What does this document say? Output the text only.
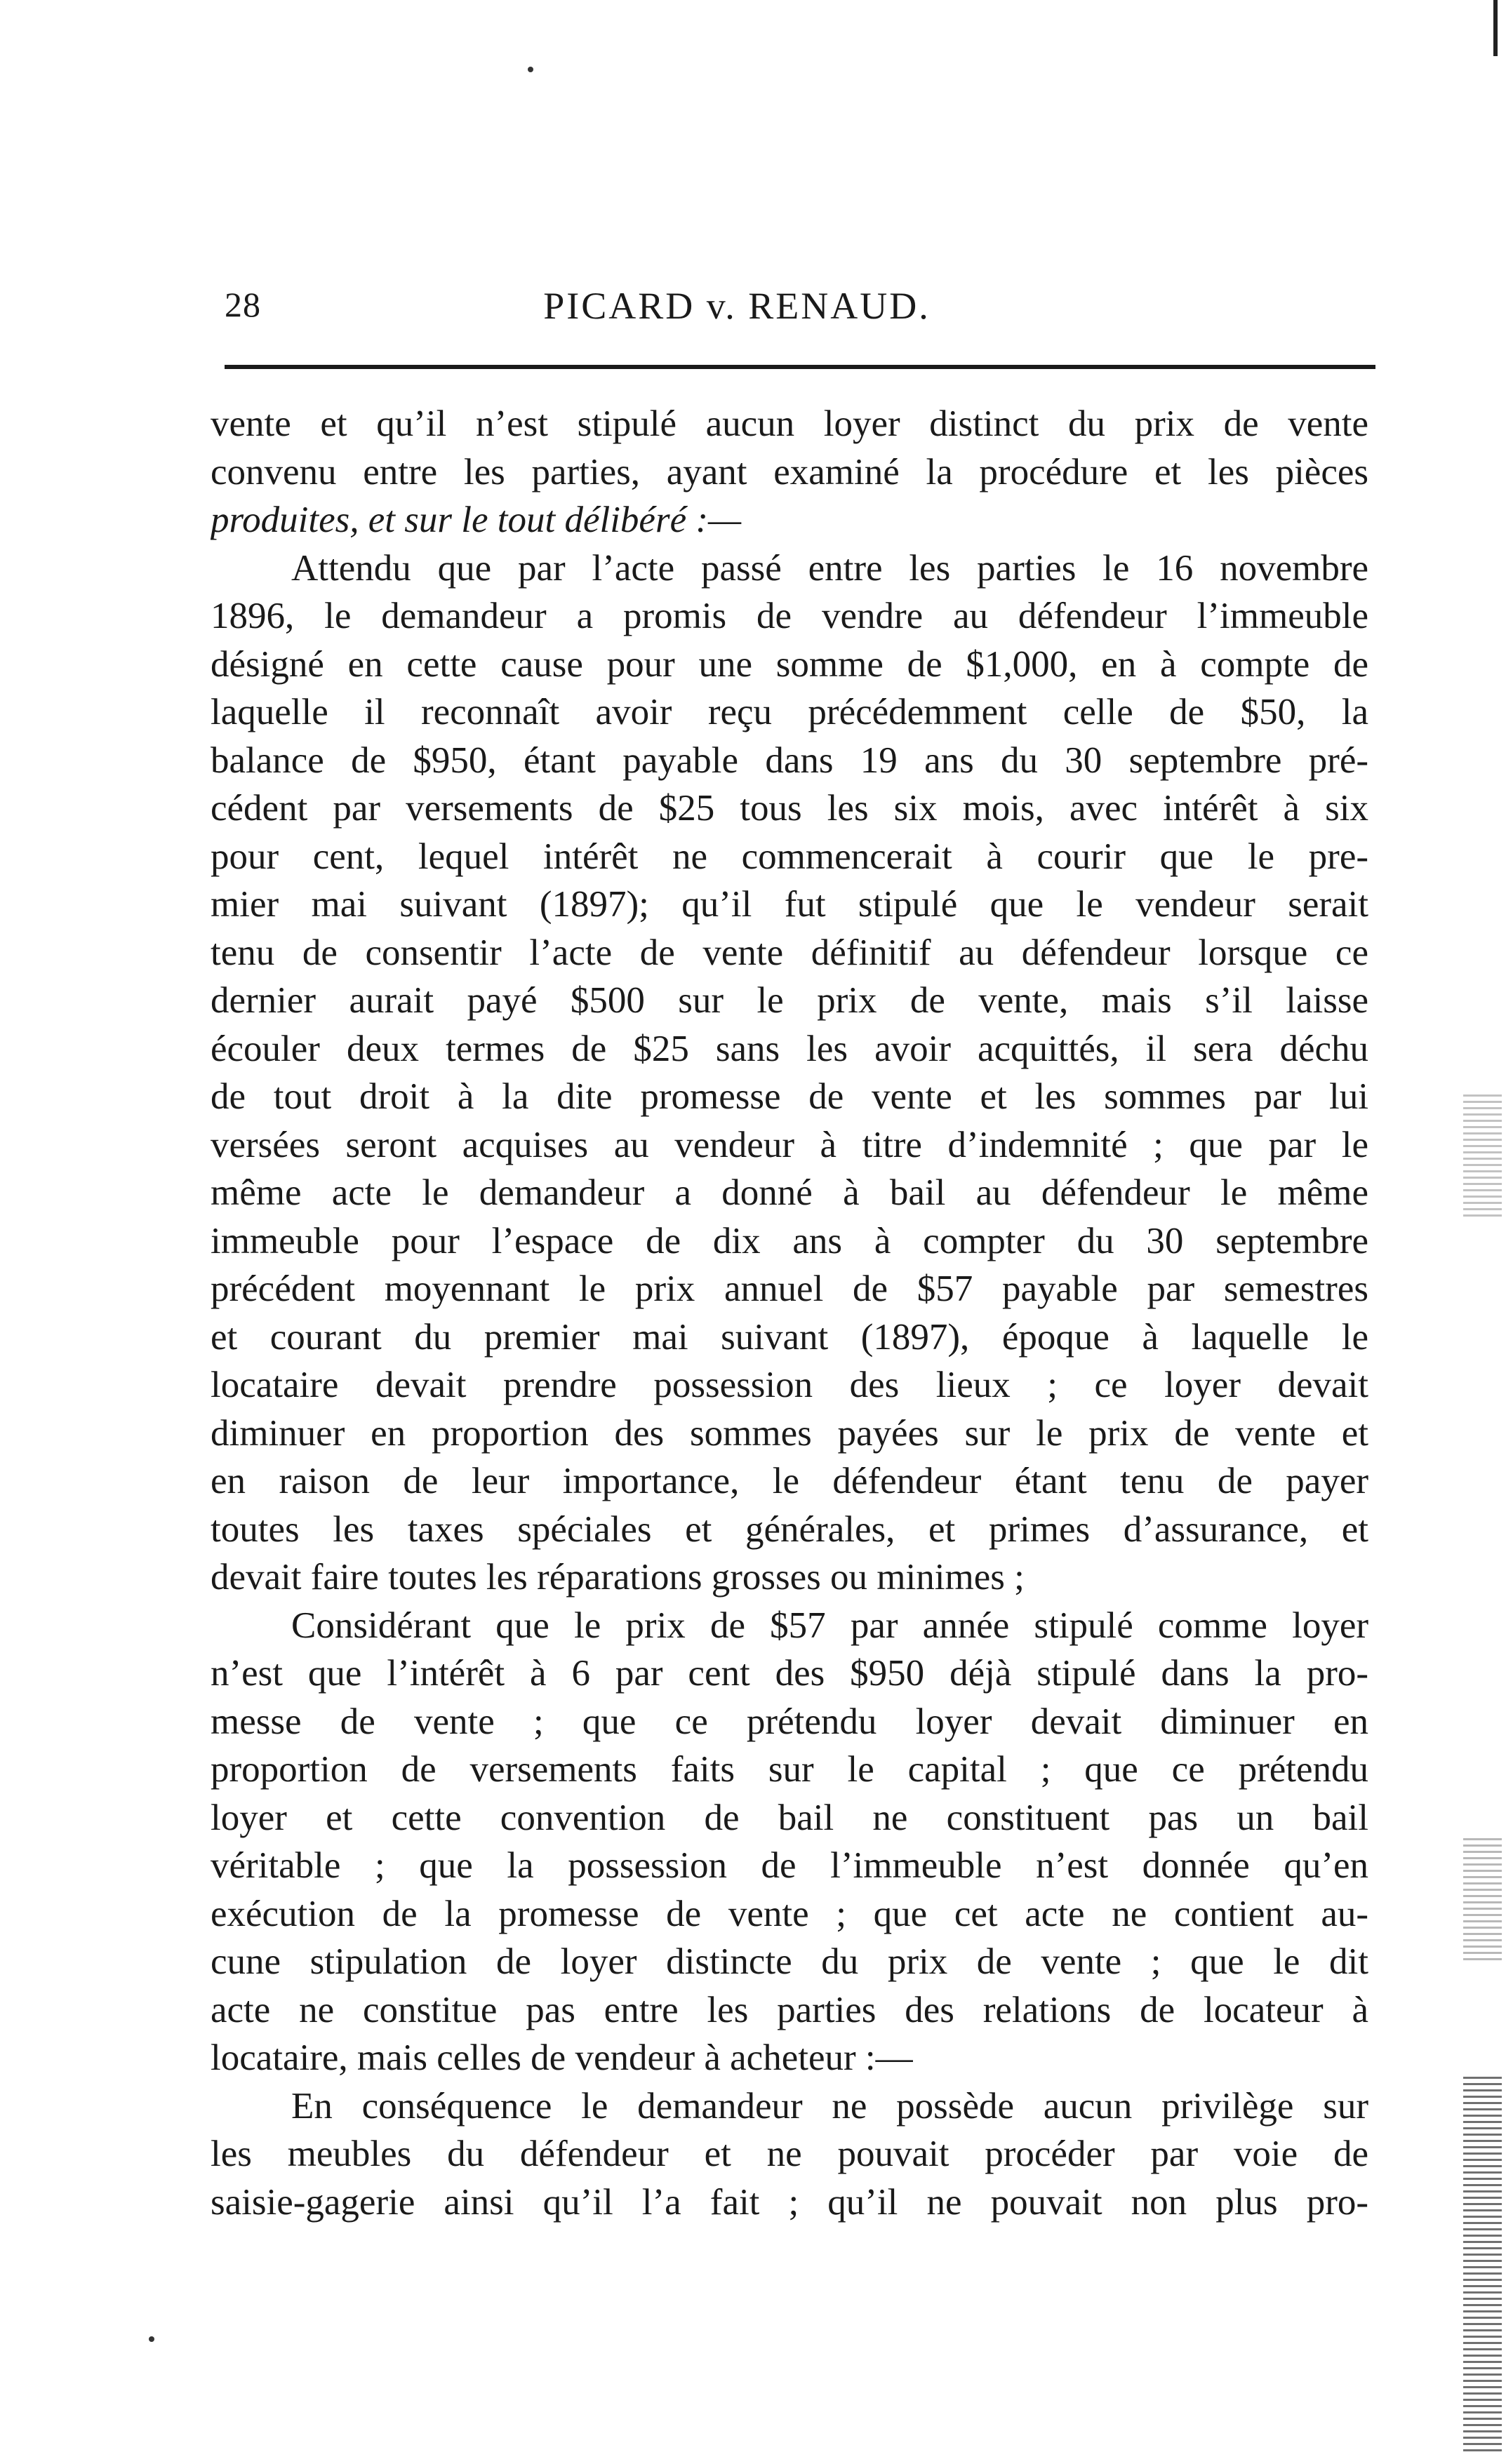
28	PICARD v. RENAUD.
vente et qu’il n’est stipulé aucun loyer distinct du prix de vente
convenu entre les parties, ayant examiné la procédure et les pièces
produites, et sur le tout délibéré :—
Attendu que par l’acte passé entre les parties le 16 novembre
1896, le demandeur a promis de vendre au défendeur l’immeuble
désigné en cette cause pour une somme de $1,000, en à compte de
laquelle il reconnaît avoir reçu précédemment celle de $50, la
balance de $950, étant payable dans 19 ans du 30 septembre pré-
cédent par versements de $25 tous les six mois, avec intérêt à six
pour cent, lequel intérêt ne commencerait à courir que le pre-
mier mai suivant (1897); qu’il fut stipulé que le vendeur serait
tenu de consentir l’acte de vente définitif au défendeur lorsque ce
dernier aurait payé $500 sur le prix de vente, mais s’il laisse
écouler deux termes de $25 sans les avoir acquittés, il sera déchu
de tout droit à la dite promesse de vente et les sommes par lui
versées seront acquises au vendeur à titre d’indemnité ; que par le
même acte le demandeur a donné à bail au défendeur le même
immeuble pour l’espace de dix ans à compter du 30 septembre
précédent moyennant le prix annuel de $57 payable par semestres
et courant du premier mai suivant (1897), époque à laquelle le
locataire devait prendre possession des lieux ; ce loyer devait
diminuer en proportion des sommes payées sur le prix de vente et
en raison de leur importance, le défendeur étant tenu de payer
toutes les taxes spéciales et générales, et primes d’assurance, et
devait faire toutes les réparations grosses ou minimes ;
Considérant que le prix de $57 par année stipulé comme loyer
n’est que l’intérêt à 6 par cent des $950 déjà stipulé dans la pro-
messe de vente ; que ce prétendu loyer devait diminuer en
proportion de versements faits sur le capital ; que ce prétendu
loyer et cette convention de bail ne constituent pas un bail
véritable ; que la possession de l’immeuble n’est donnée qu’en
exécution de la promesse de vente ; que cet acte ne contient au-
cune stipulation de loyer distincte du prix de vente ; que le dit
acte ne constitue pas entre les parties des relations de locateur à
locataire, mais celles de vendeur à acheteur :—
En conséquence le demandeur ne possède aucun privilège sur
les meubles du défendeur et ne pouvait procéder par voie de
saisie-gagerie ainsi qu’il l’a fait ; qu’il ne pouvait non plus pro-
